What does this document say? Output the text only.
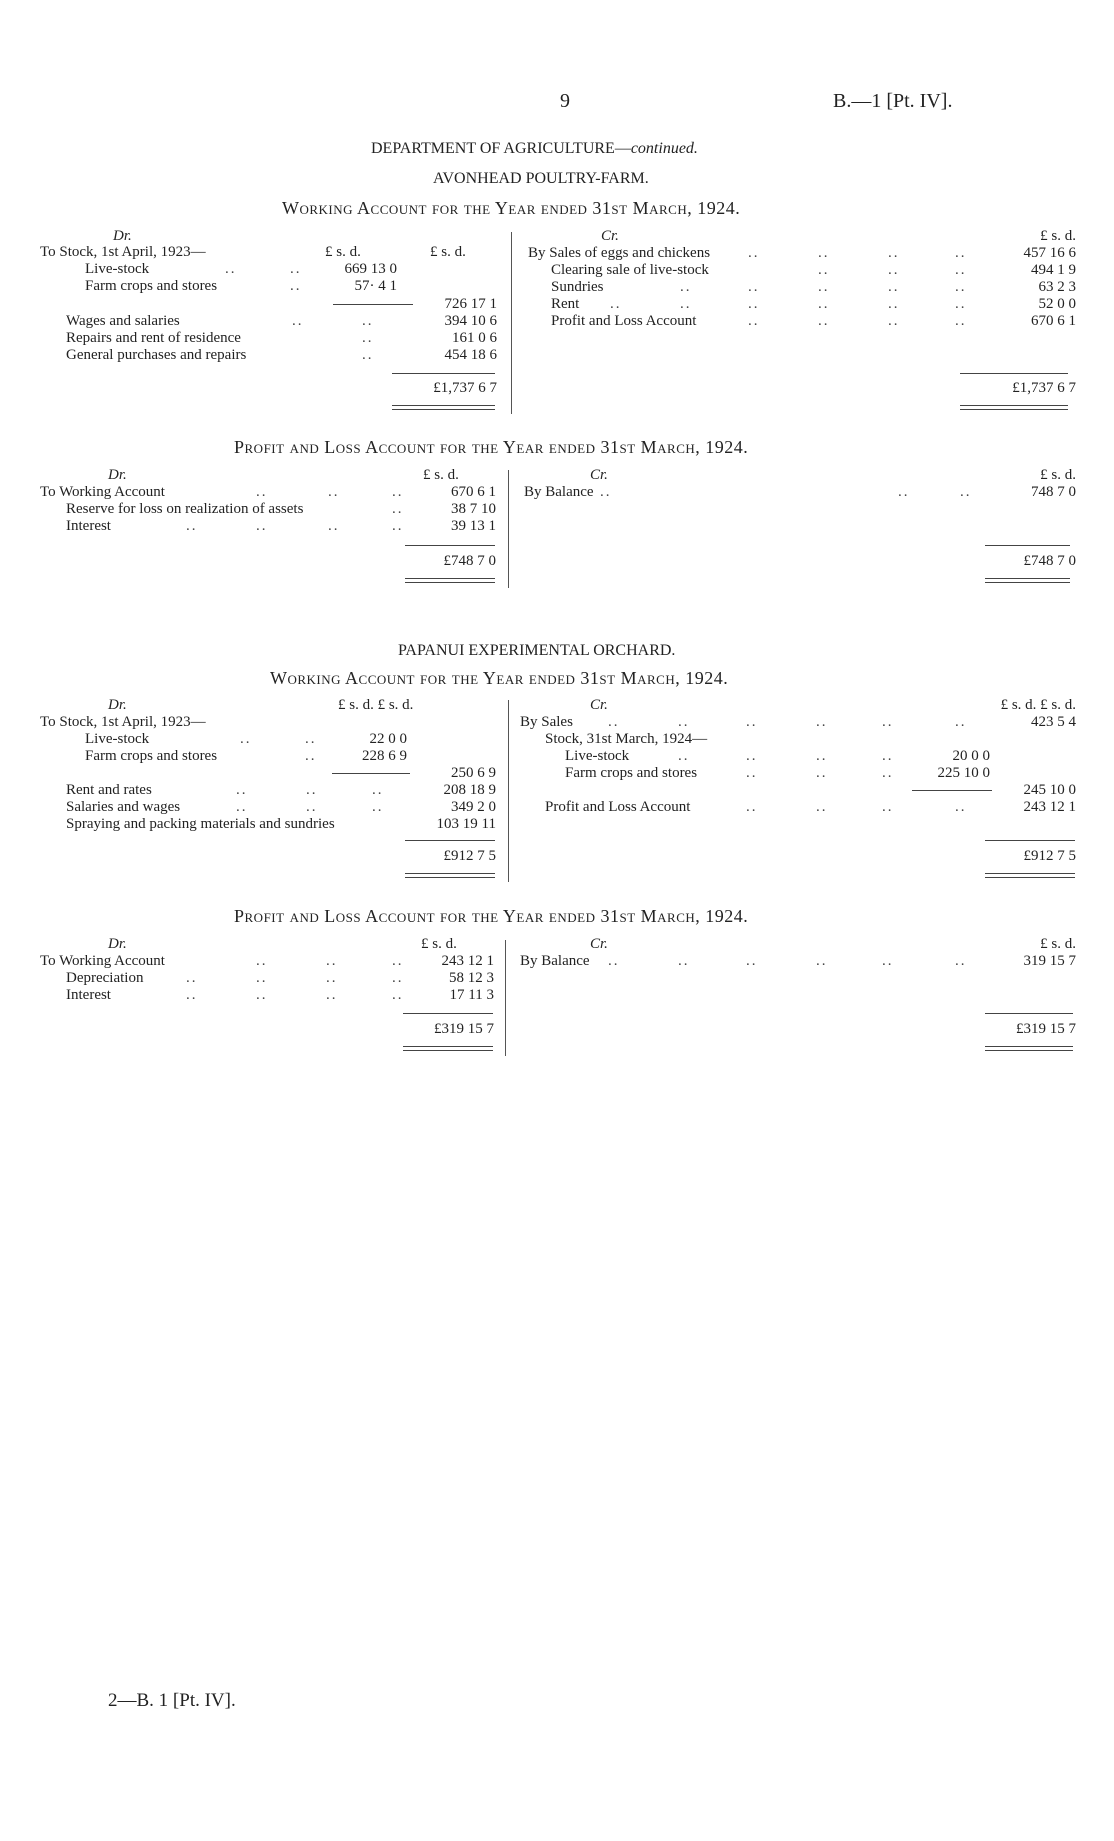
9	B.—1 [Pt. IV].
DEPARTMENT OF AGRICULTURE—continued.
AVONHEAD POULTRY-FARM.
Working Account for the Year ended 31st March, 1924.
Dr.	Cr.
To Stock, 1st April, 1923—	£ s. d.	£ s. d.
Live-stock	..	..	669 13 0
Farm crops and stores	..	57· 4 1
726 17 1
Wages and salaries	..	..	394 10 6
Repairs and rent of residence	..	161 0 6
General purchases and repairs	..	454 18 6
£1,737 6 7
£ s. d.
By Sales of eggs and chickens	..	..	..	..	457 16 6
Clearing sale of live-stock	..	..	..	494 1 9
Sundries	..	..	..	..	..	63 2 3
Rent ..	..	..	..	..	..	52 0 0
Profit and Loss Account	..	..	..	..	670 6 1
£1,737 6 7
Profit and Loss Account for the Year ended 31st March, 1924.
Dr.	Cr.
£ s. d.	£ s. d.
To Working Account	..	..	..	670 6 1
Reserve for loss on realization of assets	..	38 7 10
Interest	..	..	..	..	39 13 1
£748 7 0
By Balance ..	..	..	748 7 0
£748 7 0
PAPANUI EXPERIMENTAL ORCHARD.
Working Account for the Year ended 31st March, 1924.
Dr.	Cr.
£ s. d. £ s. d.	£ s. d. £ s. d.
To Stock, 1st April, 1923—
Live-stock	..	..	22 0 0
Farm crops and stores	..	228 6 9
250 6 9
Rent and rates	..	..	..	208 18 9
Salaries and wages	..	..	..	349 2 0
Spraying and packing materials and sundries	103 19 11
£912 7 5
By Sales ..	..	..	..	..	..	423 5 4
Stock, 31st March, 1924—
Live-stock	..	..	..	..	20 0 0
Farm crops and stores	..	..	..	225 10 0
245 10 0
Profit and Loss Account	..	..	..	..	243 12 1
£912 7 5
Profit and Loss Account for the Year ended 31st March, 1924.
Dr.	Cr.
£ s. d.	£ s. d.
To Working Account	..	..	..	243 12 1
Depreciation	..	..	..	..	58 12 3
Interest	..	..	..	..	17 11 3
£319 15 7
By Balance ..	..	..	..	..	..	319 15 7
£319 15 7
2—B. 1 [Pt. IV].
